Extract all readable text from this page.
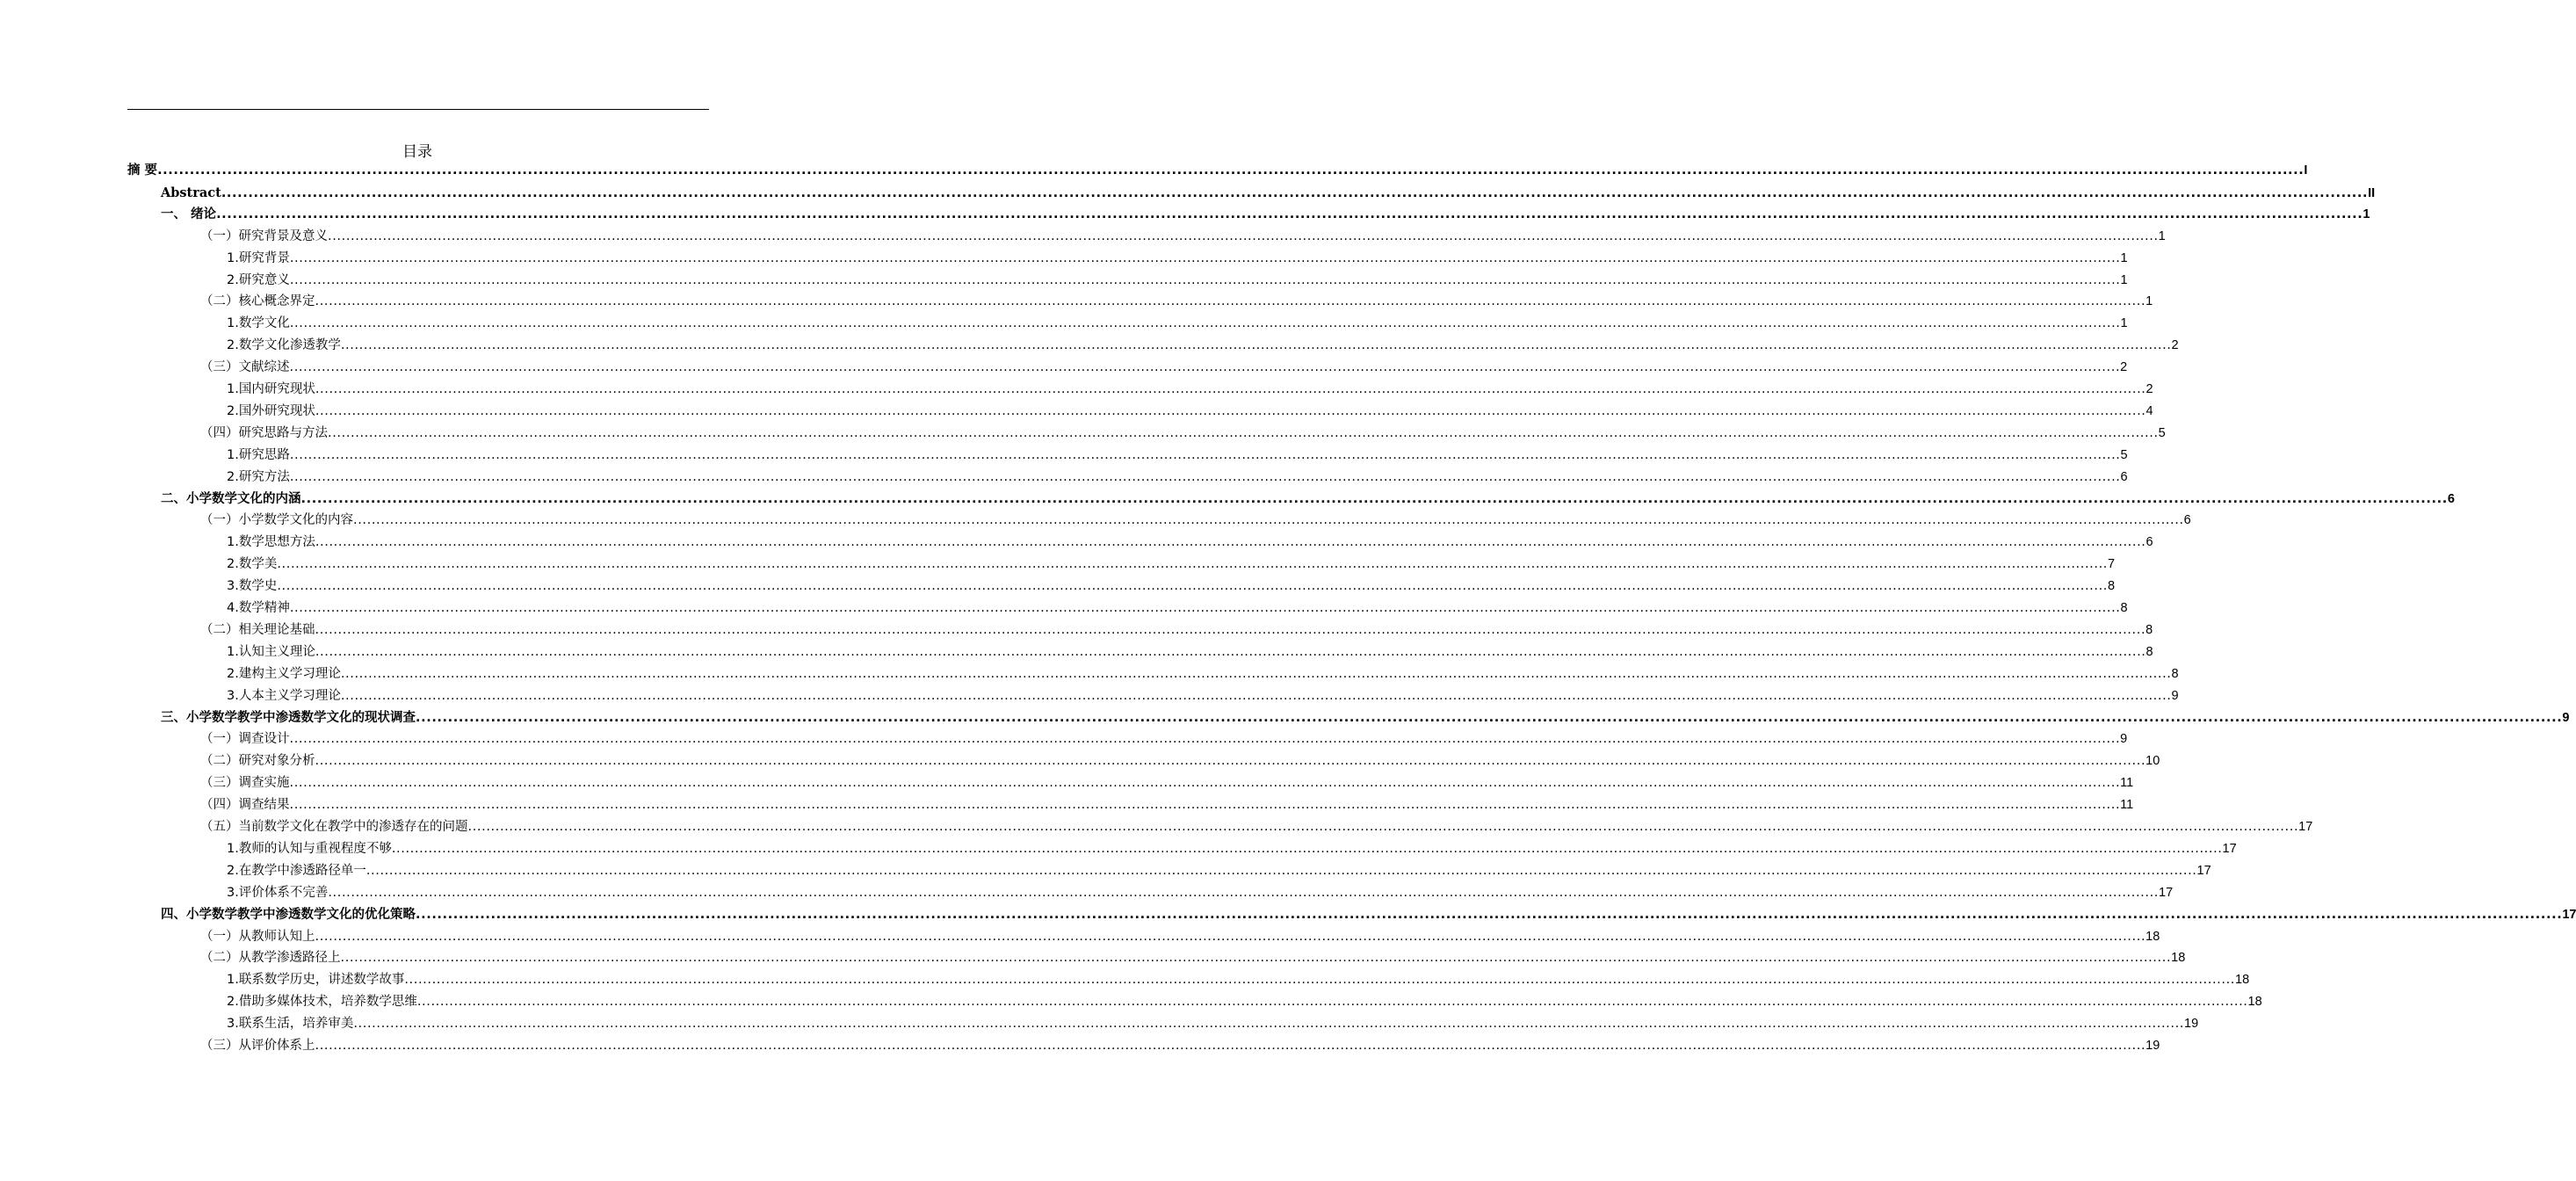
目录
摘 要 ................................................................................................................................................................................................................................................................................................................................................................................................................ I
Abstract ................................................................................................................................................................................................................................................................................................................................................................................................................ II
一、 绪论 ................................................................................................................................................................................................................................................................................................................................................................................................................ 1
（一）研究背景及意义 ................................................................................................................................................................................................................................................................................................................................................................................................................ 1
1.研究背景 ................................................................................................................................................................................................................................................................................................................................................................................................................ 1
2.研究意义 ................................................................................................................................................................................................................................................................................................................................................................................................................ 1
（二）核心概念界定 ................................................................................................................................................................................................................................................................................................................................................................................................................ 1
1.数学文化 ................................................................................................................................................................................................................................................................................................................................................................................................................ 1
2.数学文化渗透教学 ................................................................................................................................................................................................................................................................................................................................................................................................................ 2
（三）文献综述 ................................................................................................................................................................................................................................................................................................................................................................................................................ 2
1.国内研究现状 ................................................................................................................................................................................................................................................................................................................................................................................................................ 2
2.国外研究现状 ................................................................................................................................................................................................................................................................................................................................................................................................................ 4
（四）研究思路与方法 ................................................................................................................................................................................................................................................................................................................................................................................................................ 5
1.研究思路 ................................................................................................................................................................................................................................................................................................................................................................................................................ 5
2.研究方法 ................................................................................................................................................................................................................................................................................................................................................................................................................ 6
二、小学数学文化的内涵 ................................................................................................................................................................................................................................................................................................................................................................................................................ 6
（一）小学数学文化的内容 ................................................................................................................................................................................................................................................................................................................................................................................................................ 6
1.数学思想方法 ................................................................................................................................................................................................................................................................................................................................................................................................................ 6
2.数学美 ................................................................................................................................................................................................................................................................................................................................................................................................................ 7
3.数学史 ................................................................................................................................................................................................................................................................................................................................................................................................................ 8
4.数学精神 ................................................................................................................................................................................................................................................................................................................................................................................................................ 8
（二）相关理论基础 ................................................................................................................................................................................................................................................................................................................................................................................................................ 8
1.认知主义理论 ................................................................................................................................................................................................................................................................................................................................................................................................................ 8
2.建构主义学习理论 ................................................................................................................................................................................................................................................................................................................................................................................................................ 8
3.人本主义学习理论 ................................................................................................................................................................................................................................................................................................................................................................................................................ 9
三、小学数学教学中渗透数学文化的现状调查 ................................................................................................................................................................................................................................................................................................................................................................................................................ 9
（一）调查设计 ................................................................................................................................................................................................................................................................................................................................................................................................................ 9
（二）研究对象分析 ................................................................................................................................................................................................................................................................................................................................................................................................................ 10
（三）调查实施 ................................................................................................................................................................................................................................................................................................................................................................................................................ 11
（四）调查结果 ................................................................................................................................................................................................................................................................................................................................................................................................................ 11
（五）当前数学文化在教学中的渗透存在的问题 ................................................................................................................................................................................................................................................................................................................................................................................................................ 17
1.教师的认知与重视程度不够 ................................................................................................................................................................................................................................................................................................................................................................................................................ 17
2.在教学中渗透路径单一 ................................................................................................................................................................................................................................................................................................................................................................................................................ 17
3.评价体系不完善 ................................................................................................................................................................................................................................................................................................................................................................................................................ 17
四、小学数学教学中渗透数学文化的优化策略 ................................................................................................................................................................................................................................................................................................................................................................................................................ 17
（一）从教师认知上 ................................................................................................................................................................................................................................................................................................................................................................................................................ 18
（二）从教学渗透路径上 ................................................................................................................................................................................................................................................................................................................................................................................................................ 18
1.联系数学历史，讲述数学故事 ................................................................................................................................................................................................................................................................................................................................................................................................................ 18
2.借助多媒体技术，培养数学思维 ................................................................................................................................................................................................................................................................................................................................................................................................................ 18
3.联系生活，培养审美 ................................................................................................................................................................................................................................................................................................................................................................................................................ 19
（三）从评价体系上 ................................................................................................................................................................................................................................................................................................................................................................................................................ 19
